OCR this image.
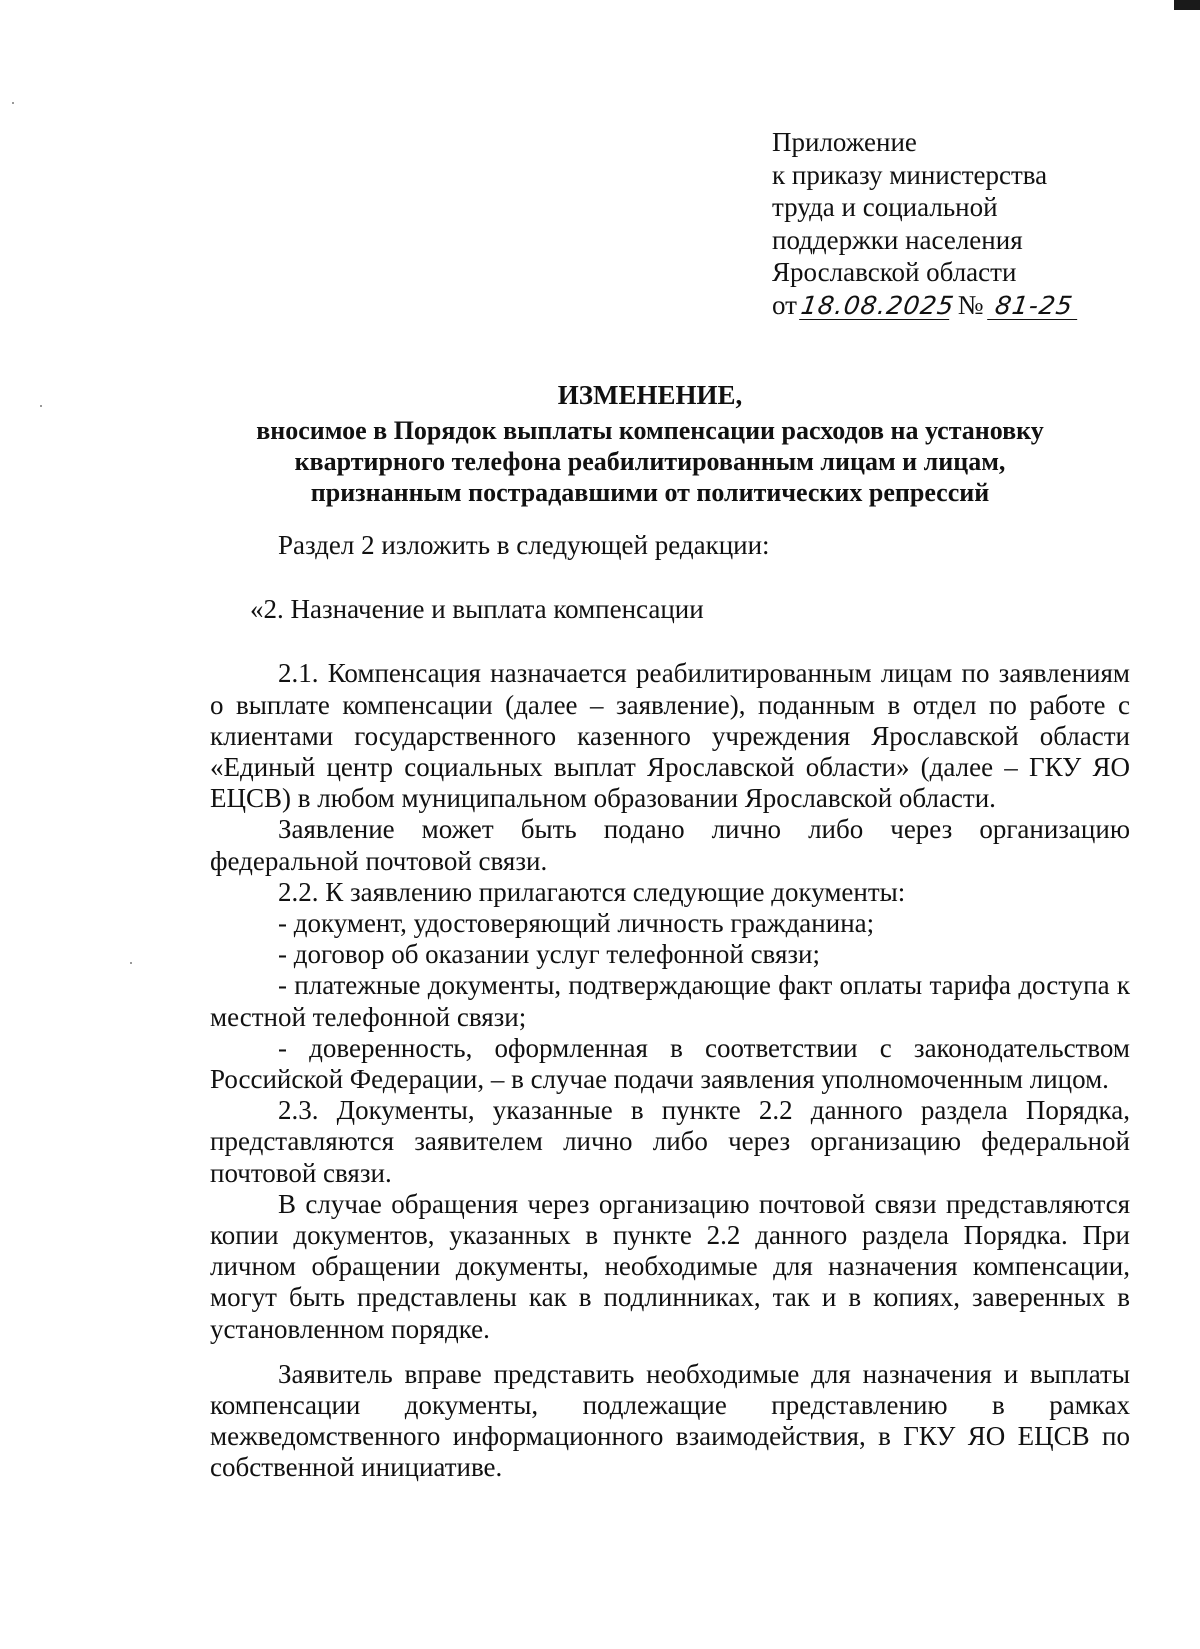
Приложение
к приказу министерства
труда и социальной
поддержки населения
Ярославской области
от18.08.2025 № 81-25
ИЗМЕНЕНИЕ,
вносимое в Порядок выплаты компенсации расходов на установку
квартирного телефона реабилитированным лицам и лицам,
признанным пострадавшими от политических репрессий

Раздел 2 изложить в следующей редакции:

«2. Назначение и выплата компенсации

2.1. Компенсация назначается реабилитированным лицам по заявлениям о выплате компенсации (далее – заявление), поданным в отдел по работе с клиентами государственного казенного учреждения Ярославской области «Единый центр социальных выплат Ярославской области» (далее – ГКУ ЯО ЕЦСВ) в любом муниципальном образовании Ярославской области.

Заявление может быть подано лично либо через организацию федеральной почтовой связи.

2.2. К заявлению прилагаются следующие документы:

- документ, удостоверяющий личность гражданина;

- договор об оказании услуг телефонной связи;

- платежные документы, подтверждающие факт оплаты тарифа доступа к местной телефонной связи;

- доверенность, оформленная в соответствии с законодательством Российской Федерации, – в случае подачи заявления уполномоченным лицом.

2.3. Документы, указанные в пункте 2.2 данного раздела Порядка, представляются заявителем лично либо через организацию федеральной почтовой связи.

В случае обращения через организацию почтовой связи представляются копии документов, указанных в пункте 2.2 данного раздела Порядка. При личном обращении документы, необходимые для назначения компенсации, могут быть представлены как в подлинниках, так и в копиях, заверенных в установленном порядке.

Заявитель вправе представить необходимые для назначения и выплаты компенсации документы, подлежащие представлению в рамках межведомственного информационного взаимодействия, в ГКУ ЯО ЕЦСВ по собственной инициативе.
